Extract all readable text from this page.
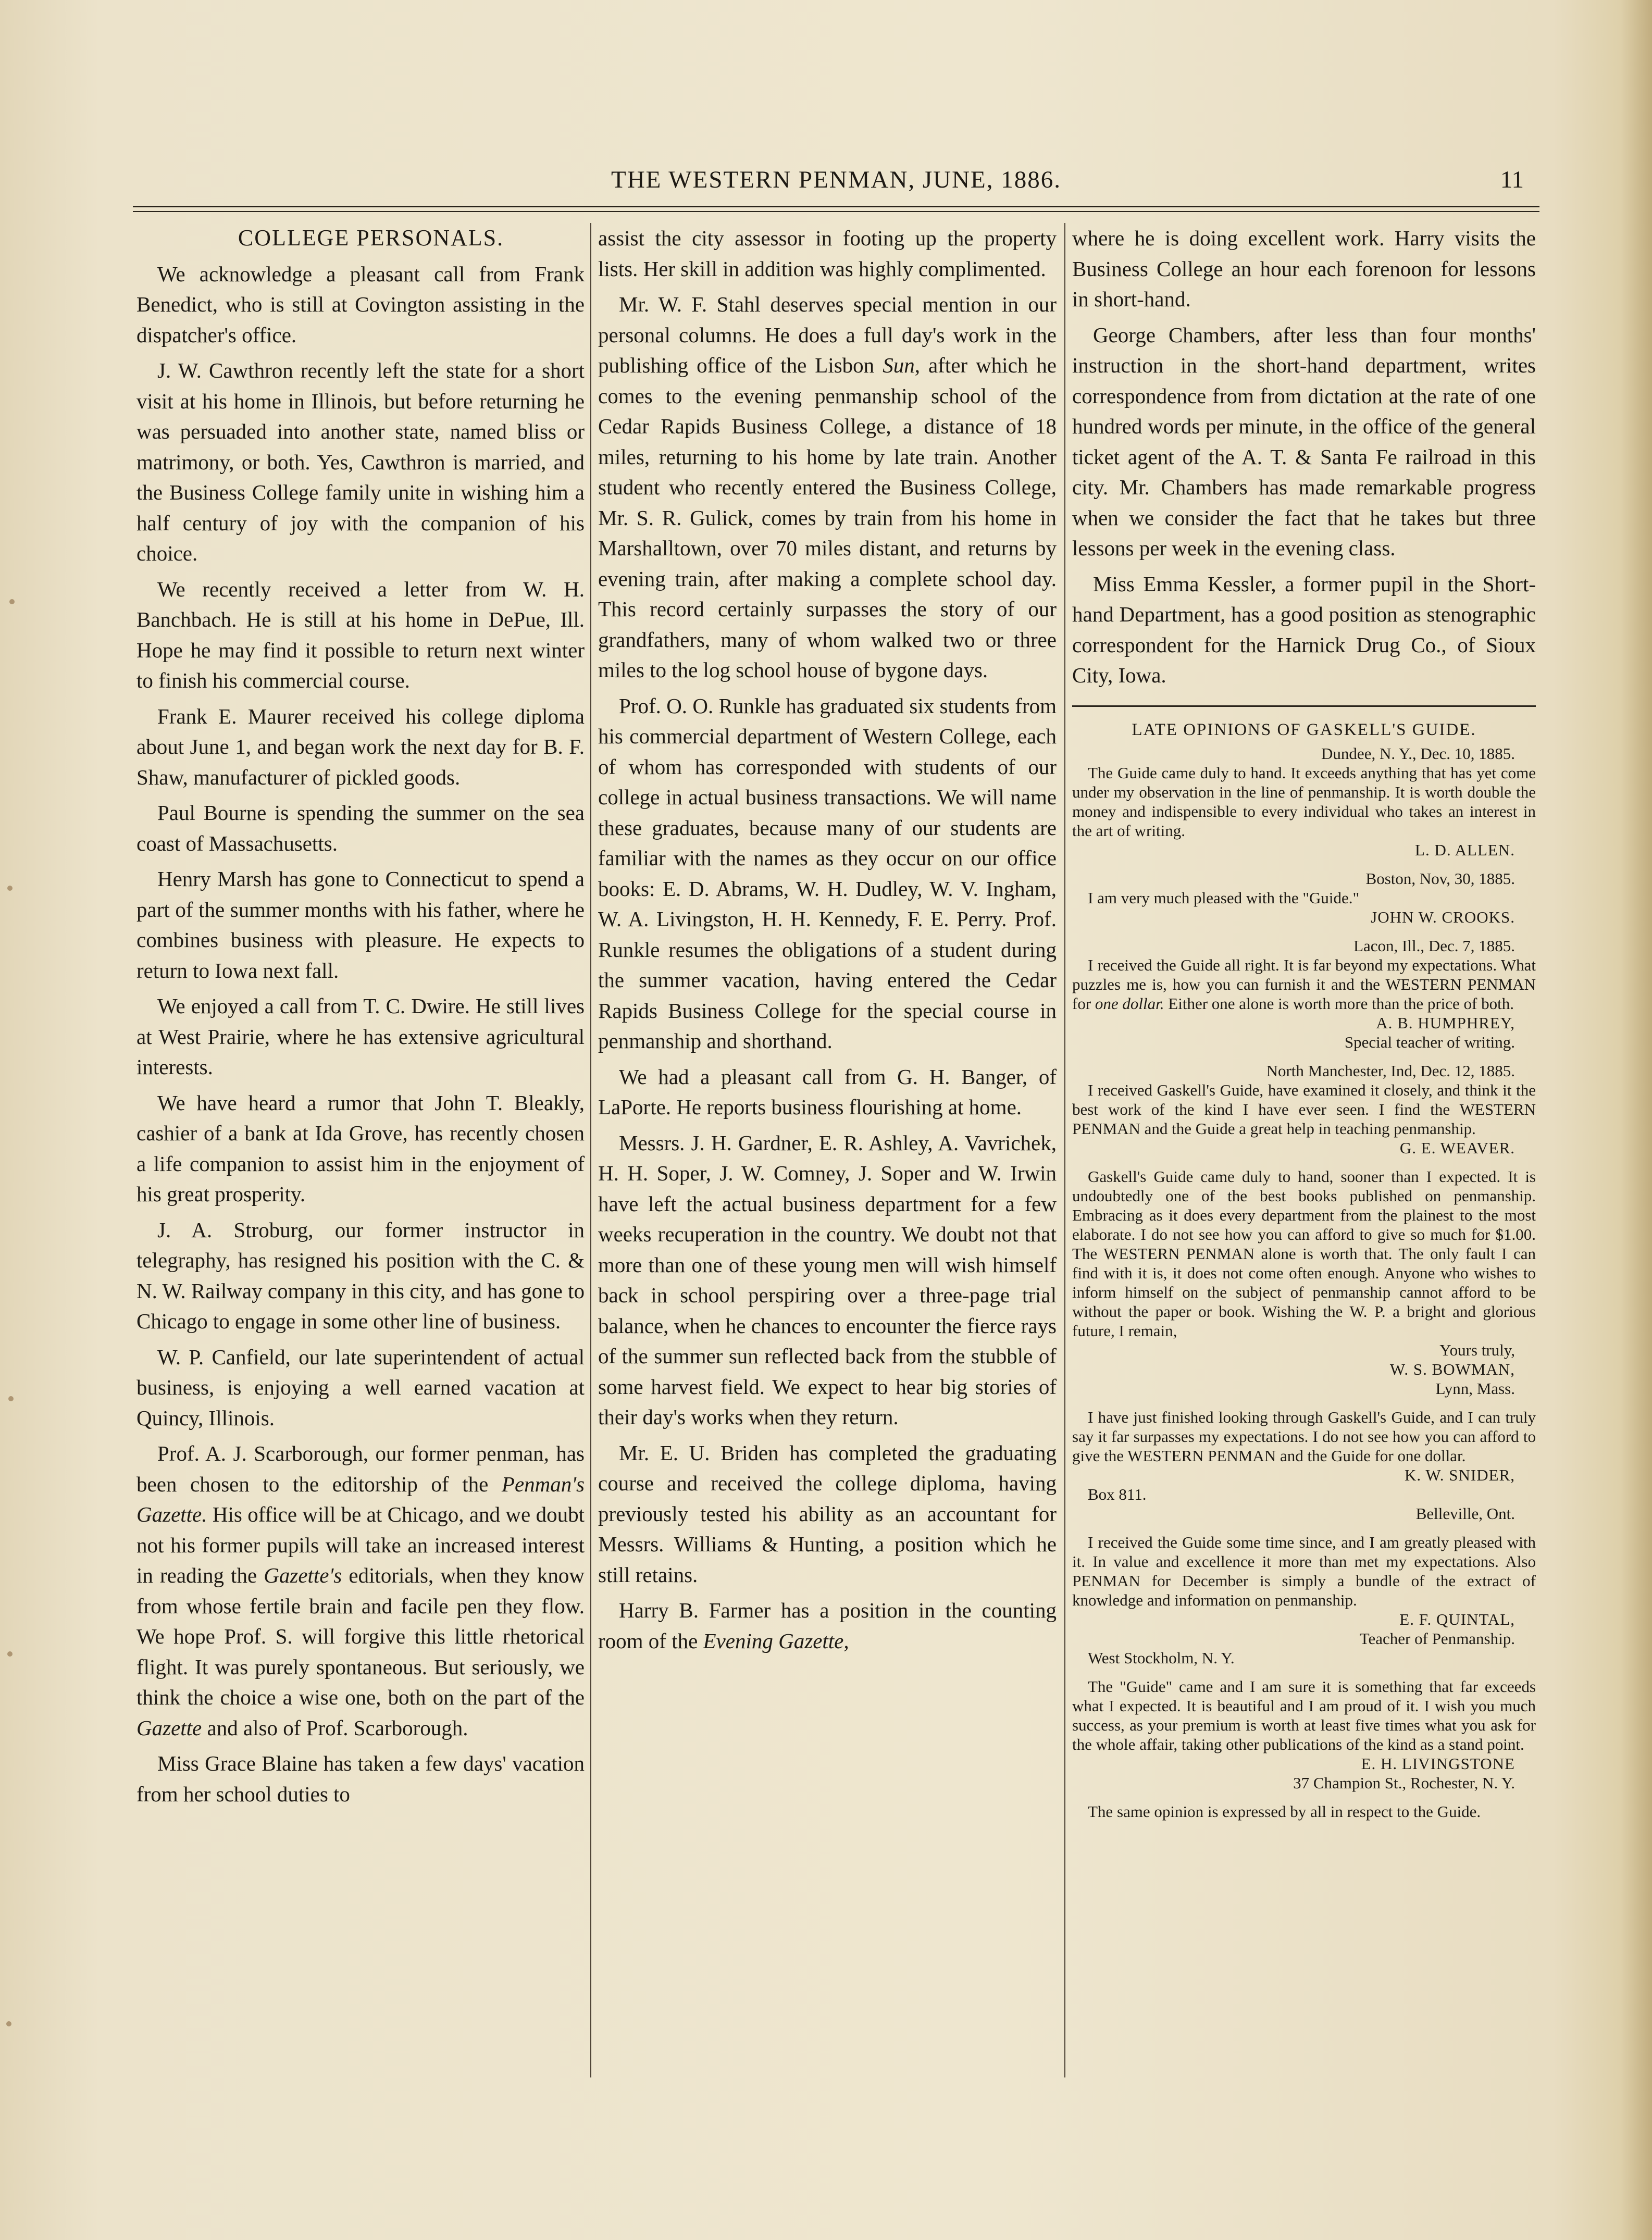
THE WESTERN PENMAN, JUNE, 1886.	11

COLLEGE PERSONALS.

We acknowledge a pleasant call from Frank Benedict, who is still at Covington assisting in the dispatcher's office.

J. W. Cawthron recently left the state for a short visit at his home in Illinois, but before returning he was persuaded into another state, named bliss or matrimony, or both. Yes, Cawthron is married, and the Business College family unite in wishing him a half century of joy with the companion of his choice.

We recently received a letter from W. H. Banchbach. He is still at his home in DePue, Ill. Hope he may find it possible to return next winter to finish his commercial course.

Frank E. Maurer received his college diploma about June 1, and began work the next day for B. F. Shaw, manufacturer of pickled goods.

Paul Bourne is spending the summer on the sea coast of Massachusetts.

Henry Marsh has gone to Connecticut to spend a part of the summer months with his father, where he combines business with pleasure. He expects to return to Iowa next fall.

We enjoyed a call from T. C. Dwire. He still lives at West Prairie, where he has extensive agricultural interests.

We have heard a rumor that John T. Bleakly, cashier of a bank at Ida Grove, has recently chosen a life companion to assist him in the enjoyment of his great prosperity.

J. A. Stroburg, our former instructor in telegraphy, has resigned his position with the C. & N. W. Railway company in this city, and has gone to Chicago to engage in some other line of business.

W. P. Canfield, our late superintendent of actual business, is enjoying a well earned vacation at Quincy, Illinois.

Prof. A. J. Scarborough, our former penman, has been chosen to the editorship of the Penman's Gazette. His office will be at Chicago, and we doubt not his former pupils will take an increased interest in reading the Gazette's editorials, when they know from whose fertile brain and facile pen they flow. We hope Prof. S. will forgive this little rhetorical flight. It was purely spontaneous. But seriously, we think the choice a wise one, both on the part of the Gazette and also of Prof. Scarborough.

Miss Grace Blaine has taken a few days' vacation from her school duties to

assist the city assessor in footing up the property lists. Her skill in addition was highly complimented.

Mr. W. F. Stahl deserves special mention in our personal columns. He does a full day's work in the publishing office of the Lisbon Sun, after which he comes to the evening penmanship school of the Cedar Rapids Business College, a distance of 18 miles, returning to his home by late train. Another student who recently entered the Business College, Mr. S. R. Gulick, comes by train from his home in Marshalltown, over 70 miles distant, and returns by evening train, after making a complete school day. This record certainly surpasses the story of our grandfathers, many of whom walked two or three miles to the log school house of bygone days.

Prof. O. O. Runkle has graduated six students from his commercial department of Western College, each of whom has corresponded with students of our college in actual business transactions. We will name these graduates, because many of our students are familiar with the names as they occur on our office books: E. D. Abrams, W. H. Dudley, W. V. Ingham, W. A. Livingston, H. H. Kennedy, F. E. Perry. Prof. Runkle resumes the obligations of a student during the summer vacation, having entered the Cedar Rapids Business College for the special course in penmanship and shorthand.

We had a pleasant call from G. H. Banger, of LaPorte. He reports business flourishing at home.

Messrs. J. H. Gardner, E. R. Ashley, A. Vavrichek, H. H. Soper, J. W. Comney, J. Soper and W. Irwin have left the actual business department for a few weeks recuperation in the country. We doubt not that more than one of these young men will wish himself back in school perspiring over a three-page trial balance, when he chances to encounter the fierce rays of the summer sun reflected back from the stubble of some harvest field. We expect to hear big stories of their day's works when they return.

Mr. E. U. Briden has completed the graduating course and received the college diploma, having previously tested his ability as an accountant for Messrs. Williams & Hunting, a position which he still retains.

Harry B. Farmer has a position in the counting room of the Evening Gazette,

where he is doing excellent work. Harry visits the Business College an hour each forenoon for lessons in short-hand.

George Chambers, after less than four months' instruction in the short-hand department, writes correspondence from from dictation at the rate of one hundred words per minute, in the office of the general ticket agent of the A. T. & Santa Fe railroad in this city. Mr. Chambers has made remarkable progress when we consider the fact that he takes but three lessons per week in the evening class.

Miss Emma Kessler, a former pupil in the Short-hand Department, has a good position as stenographic correspondent for the Harnick Drug Co., of Sioux City, Iowa.

LATE OPINIONS OF GASKELL'S GUIDE.

Dundee, N. Y., Dec. 10, 1885.

The Guide came duly to hand. It exceeds anything that has yet come under my observation in the line of penmanship. It is worth double the money and indispensible to every individual who takes an interest in the art of writing.

L. D. ALLEN.

Boston, Nov, 30, 1885.

I am very much pleased with the "Guide."

JOHN W. CROOKS.

Lacon, Ill., Dec. 7, 1885.

I received the Guide all right. It is far beyond my expectations. What puzzles me is, how you can furnish it and the WESTERN PENMAN for one dollar. Either one alone is worth more than the price of both.

A. B. HUMPHREY,

Special teacher of writing.

North Manchester, Ind, Dec. 12, 1885.

I received Gaskell's Guide, have examined it closely, and think it the best work of the kind I have ever seen. I find the WESTERN PENMAN and the Guide a great help in teaching penmanship.

G. E. WEAVER.

Gaskell's Guide came duly to hand, sooner than I expected. It is undoubtedly one of the best books published on penmanship. Embracing as it does every department from the plainest to the most elaborate. I do not see how you can afford to give so much for $1.00. The WESTERN PENMAN alone is worth that. The only fault I can find with it is, it does not come often enough. Anyone who wishes to inform himself on the subject of penmanship cannot afford to be without the paper or book. Wishing the W. P. a bright and glorious future, I remain,

Yours truly,

W. S. BOWMAN,

Lynn, Mass.

I have just finished looking through Gaskell's Guide, and I can truly say it far surpasses my expectations. I do not see how you can afford to give the WESTERN PENMAN and the Guide for one dollar.

K. W. SNIDER,

Box 811.

Belleville, Ont.

I received the Guide some time since, and I am greatly pleased with it. In value and excellence it more than met my expectations. Also PENMAN for December is simply a bundle of the extract of knowledge and information on penmanship.

E. F. QUINTAL,

Teacher of Penmanship.

West Stockholm, N. Y.

The "Guide" came and I am sure it is something that far exceeds what I expected. It is beautiful and I am proud of it. I wish you much success, as your premium is worth at least five times what you ask for the whole affair, taking other publications of the kind as a stand point.

E. H. LIVINGSTONE

37 Champion St., Rochester, N. Y.

The same opinion is expressed by all in respect to the Guide.
